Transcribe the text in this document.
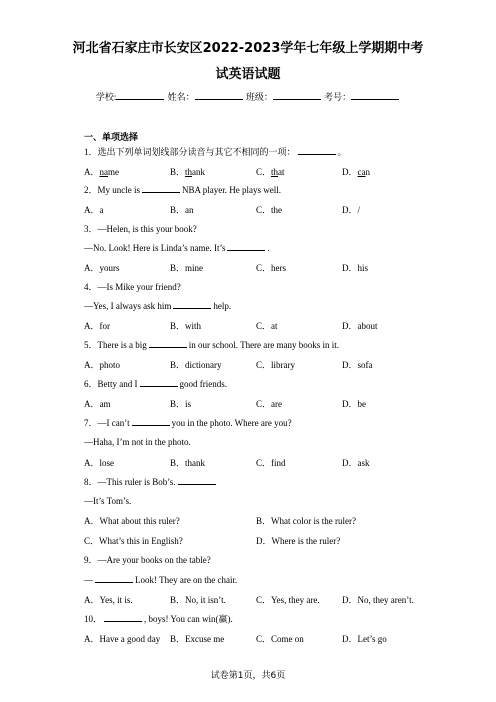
河北省石家庄市长安区2022-2023学年七年级上学期期中考
试英语试题
学校:	姓名：	班级：	考号：
一、单项选择
1．选出下列单词划线部分读音与其它不相同的一项：	。
A．name	B．thank	C．that	D．can
2．My uncle is	NBA player. He plays well.
A．a	B．an	C．the	D．/
3．—Helen, is this your book?
—No. Look! Here is Linda’s name. It’s	.
A．yours	B．mine	C．hers	D．his
4．—Is Mike your friend?
—Yes, I always ask him	help.
A．for	B．with	C．at	D．about
5．There is a big	in our school. There are many books in it.
A．photo	B．dictionary	C．library	D．sofa
6．Betty and I	good friends.
A．am	B．is	C．are	D．be
7．—I can’t	you in the photo. Where are you?
—Haha, I’m not in the photo.
A．lose	B．thank	C．find	D．ask
8．—This ruler is Bob’s.
—It’s Tom’s.
A．What about this ruler?	B．What color is the ruler?
C．What’s this in English?	D．Where is the ruler?
9．—Are your books on the table?
—	Look! They are on the chair.
A．Yes, it is.	B．No, it isn’t.	C．Yes, they are. D．No, they aren’t.
10．	, boys! You can win(赢).
A．Have a good day B．Excuse me	C．Come on	D．Let’s go
试卷第1页，共6页
